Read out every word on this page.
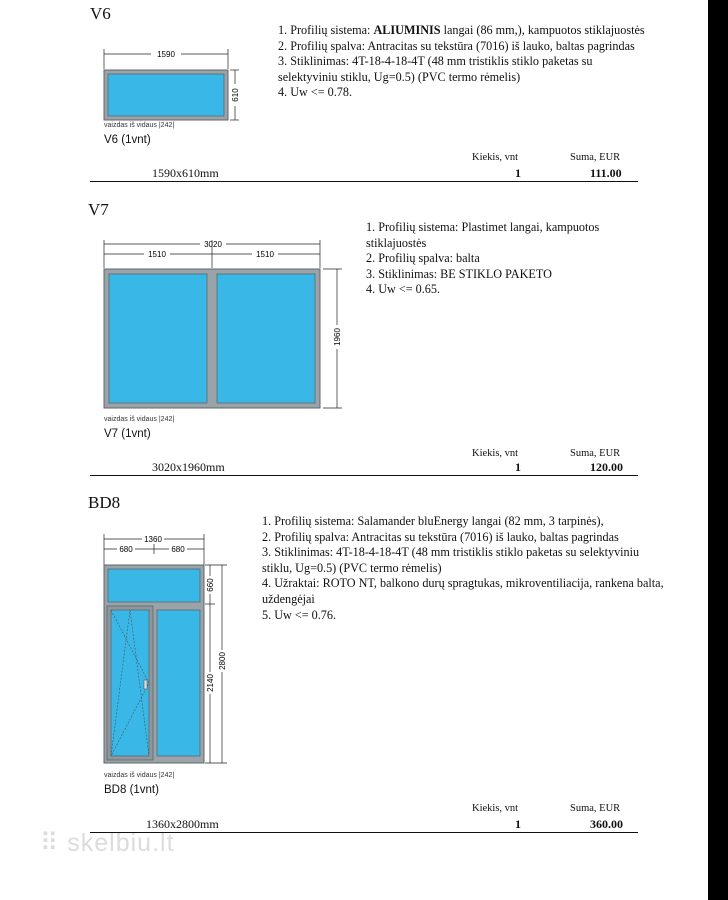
V6
1. Profilių sistema: ALIUMINIS langai (86 mm,), kampuotos stiklajuostės
2. Profilių spalva: Antracitas su tekstūra (7016) iš lauko, baltas pagrindas
3. Stiklinimas: 4T-18-4-18-4T (48 mm tristiklis stiklo paketas su selektyviniu stiklu, Ug=0.5) (PVC termo rėmelis)
4. Uw <= 0.78.
1590
610
vaizdas iš vidaus |242|
V6 (1vnt)
Kiekis, vnt	Suma, EUR
1590x610mm	1	111.00
V7
1. Profilių sistema: Plastimet langai, kampuotos stiklajuostės
2. Profilių spalva: balta
3. Stiklinimas: BE STIKLO PAKETO
4. Uw <= 0.65.
3020
1510	1510
1960
vaizdas iš vidaus |242|
V7 (1vnt)
Kiekis, vnt	Suma, EUR
3020x1960mm	1	120.00
BD8
1. Profilių sistema: Salamander bluEnergy langai (82 mm, 3 tarpinės),
2. Profilių spalva: Antracitas su tekstūra (7016) iš lauko, baltas pagrindas
3. Stiklinimas: 4T-18-4-18-4T (48 mm tristiklis stiklo paketas su selektyviniu stiklu, Ug=0.5) (PVC termo rėmelis)
4. Užraktai: ROTO NT, balkono durų spragtukas, mikroventiliacija, rankena balta, uždengėjai
5. Uw <= 0.76.
1360
680	680
660
2140
2800
vaizdas iš vidaus |242|
BD8 (1vnt)
Kiekis, vnt	Suma, EUR
1360x2800mm	1	360.00
⠿ skelbiu.lt
